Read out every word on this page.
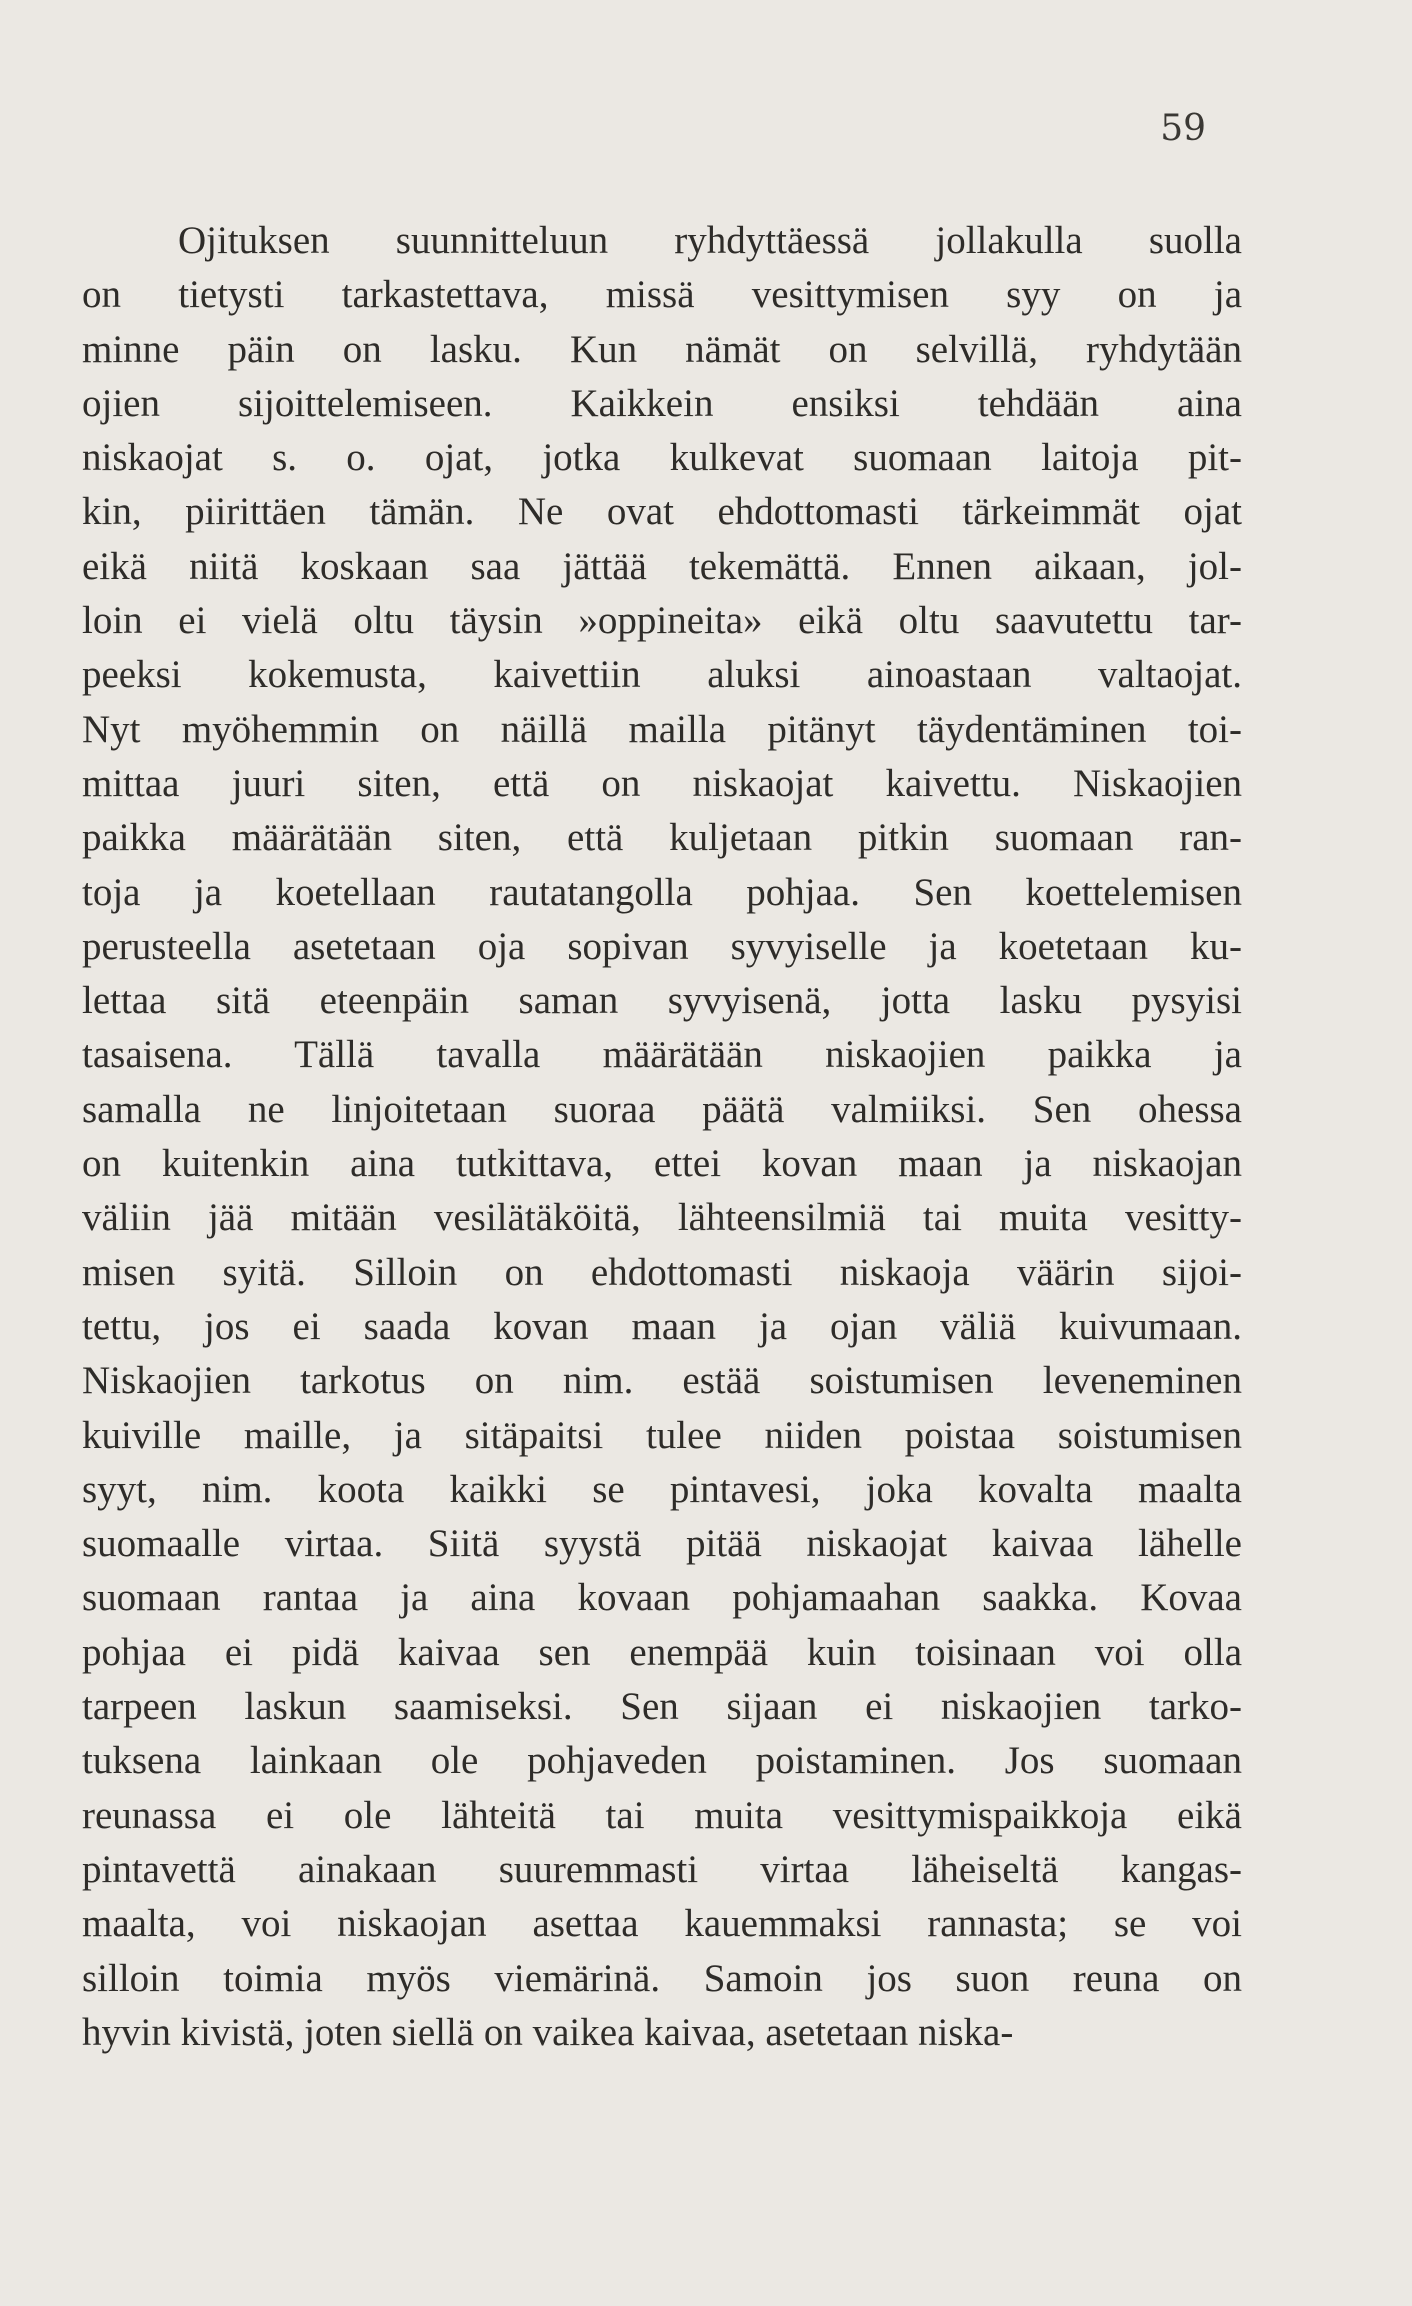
59
Ojituksen suunnitteluun ryhdyttäessä jollakulla suolla
on tietysti tarkastettava, missä vesittymisen syy on ja
minne päin on lasku. Kun nämät on selvillä, ryhdytään
ojien sijoittelemiseen. Kaikkein ensiksi tehdään aina
niskaojat s. o. ojat, jotka kulkevat suomaan laitoja pit-
kin, piirittäen tämän. Ne ovat ehdottomasti tärkeimmät ojat
eikä niitä koskaan saa jättää tekemättä. Ennen aikaan, jol-
loin ei vielä oltu täysin »oppineita» eikä oltu saavutettu tar-
peeksi kokemusta, kaivettiin aluksi ainoastaan valtaojat.
Nyt myöhemmin on näillä mailla pitänyt täydentäminen toi-
mittaa juuri siten, että on niskaojat kaivettu. Niskaojien
paikka määrätään siten, että kuljetaan pitkin suomaan ran-
toja ja koetellaan rautatangolla pohjaa. Sen koettelemisen
perusteella asetetaan oja sopivan syvyiselle ja koetetaan ku-
lettaa sitä eteenpäin saman syvyisenä, jotta lasku pysyisi
tasaisena. Tällä tavalla määrätään niskaojien paikka ja
samalla ne linjoitetaan suoraa päätä valmiiksi. Sen ohessa
on kuitenkin aina tutkittava, ettei kovan maan ja niskaojan
väliin jää mitään vesilätäköitä, lähteensilmiä tai muita vesitty-
misen syitä. Silloin on ehdottomasti niskaoja väärin sijoi-
tettu, jos ei saada kovan maan ja ojan väliä kuivumaan.
Niskaojien tarkotus on nim. estää soistumisen leveneminen
kuiville maille, ja sitäpaitsi tulee niiden poistaa soistumisen
syyt, nim. koota kaikki se pintavesi, joka kovalta maalta
suomaalle virtaa. Siitä syystä pitää niskaojat kaivaa lähelle
suomaan rantaa ja aina kovaan pohjamaahan saakka. Kovaa
pohjaa ei pidä kaivaa sen enempää kuin toisinaan voi olla
tarpeen laskun saamiseksi. Sen sijaan ei niskaojien tarko-
tuksena lainkaan ole pohjaveden poistaminen. Jos suomaan
reunassa ei ole lähteitä tai muita vesittymispaikkoja eikä
pintavettä ainakaan suuremmasti virtaa läheiseltä kangas-
maalta, voi niskaojan asettaa kauemmaksi rannasta; se voi
silloin toimia myös viemärinä. Samoin jos suon reuna on
hyvin kivistä, joten siellä on vaikea kaivaa, asetetaan niska-
